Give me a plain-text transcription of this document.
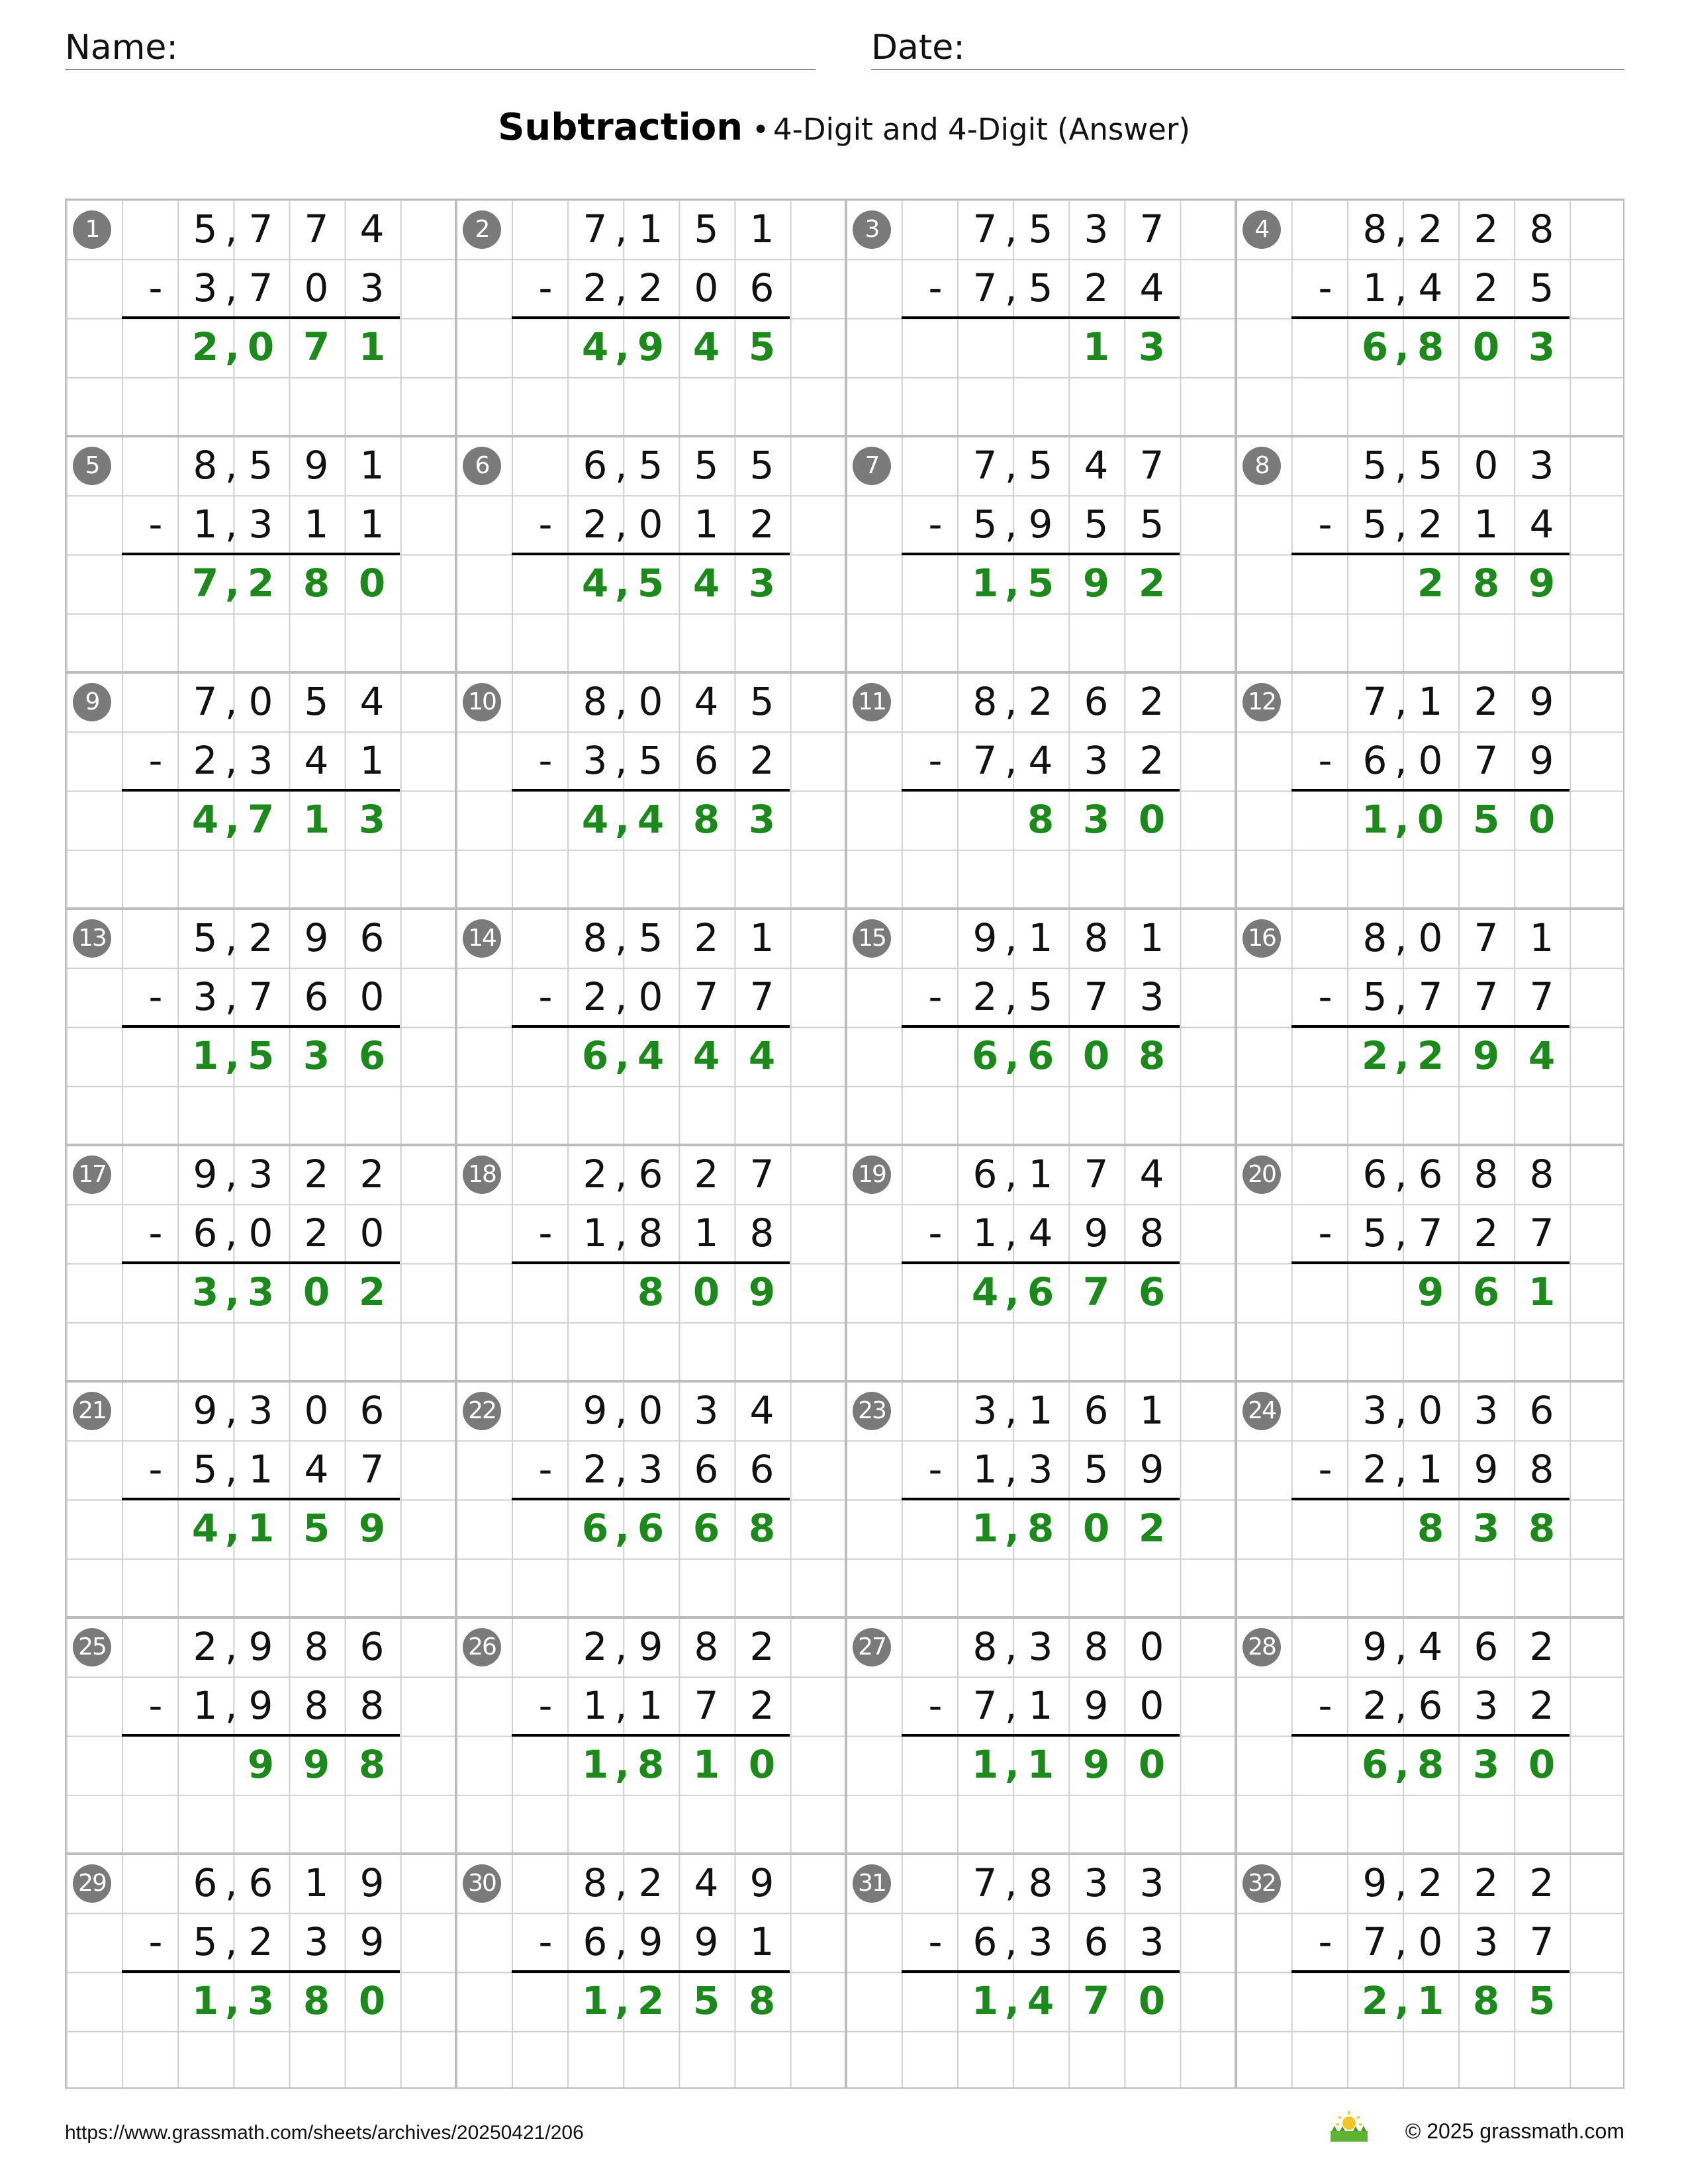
Name:	Date:
Subtraction • 4-Digit and 4-Digit (Answer)
1	5 , 7 7 4
- 3 , 7 0 3
2 , 0 7 1
2	7 , 1 5 1
- 2 , 2 0 6
4 , 9 4 5
3	7 , 5 3 7
- 7 , 5 2 4
1 3
4	8 , 2 2 8
- 1 , 4 2 5
6 , 8 0 3
5	8 , 5 9 1
- 1 , 3 1 1
7 , 2 8 0
6	6 , 5 5 5
- 2 , 0 1 2
4 , 5 4 3
7	7 , 5 4 7
- 5 , 9 5 5
1 , 5 9 2
8	5 , 5 0 3
- 5 , 2 1 4
2 8 9
9	7 , 0 5 4
- 2 , 3 4 1
4 , 7 1 3
10	8 , 0 4 5
- 3 , 5 6 2
4 , 4 8 3
11	8 , 2 6 2
- 7 , 4 3 2
8 3 0
12	7 , 1 2 9
- 6 , 0 7 9
1 , 0 5 0
13	5 , 2 9 6
- 3 , 7 6 0
1 , 5 3 6
14	8 , 5 2 1
- 2 , 0 7 7
6 , 4 4 4
15	9 , 1 8 1
- 2 , 5 7 3
6 , 6 0 8
16	8 , 0 7 1
- 5 , 7 7 7
2 , 2 9 4
17	9 , 3 2 2
- 6 , 0 2 0
3 , 3 0 2
18	2 , 6 2 7
- 1 , 8 1 8
8 0 9
19	6 , 1 7 4
- 1 , 4 9 8
4 , 6 7 6
20	6 , 6 8 8
- 5 , 7 2 7
9 6 1
21	9 , 3 0 6
- 5 , 1 4 7
4 , 1 5 9
22	9 , 0 3 4
- 2 , 3 6 6
6 , 6 6 8
23	3 , 1 6 1
- 1 , 3 5 9
1 , 8 0 2
24	3 , 0 3 6
- 2 , 1 9 8
8 3 8
25	2 , 9 8 6
- 1 , 9 8 8
9 9 8
26	2 , 9 8 2
- 1 , 1 7 2
1 , 8 1 0
27	8 , 3 8 0
- 7 , 1 9 0
1 , 1 9 0
28	9 , 4 6 2
- 2 , 6 3 2
6 , 8 3 0
29	6 , 6 1 9
- 5 , 2 3 9
1 , 3 8 0
30	8 , 2 4 9
- 6 , 9 9 1
1 , 2 5 8
31	7 , 8 3 3
- 6 , 3 6 3
1 , 4 7 0
32	9 , 2 2 2
- 7 , 0 3 7
2 , 1 8 5
https://www.grassmath.com/sheets/archives/20250421/206	© 2025 grassmath.com
